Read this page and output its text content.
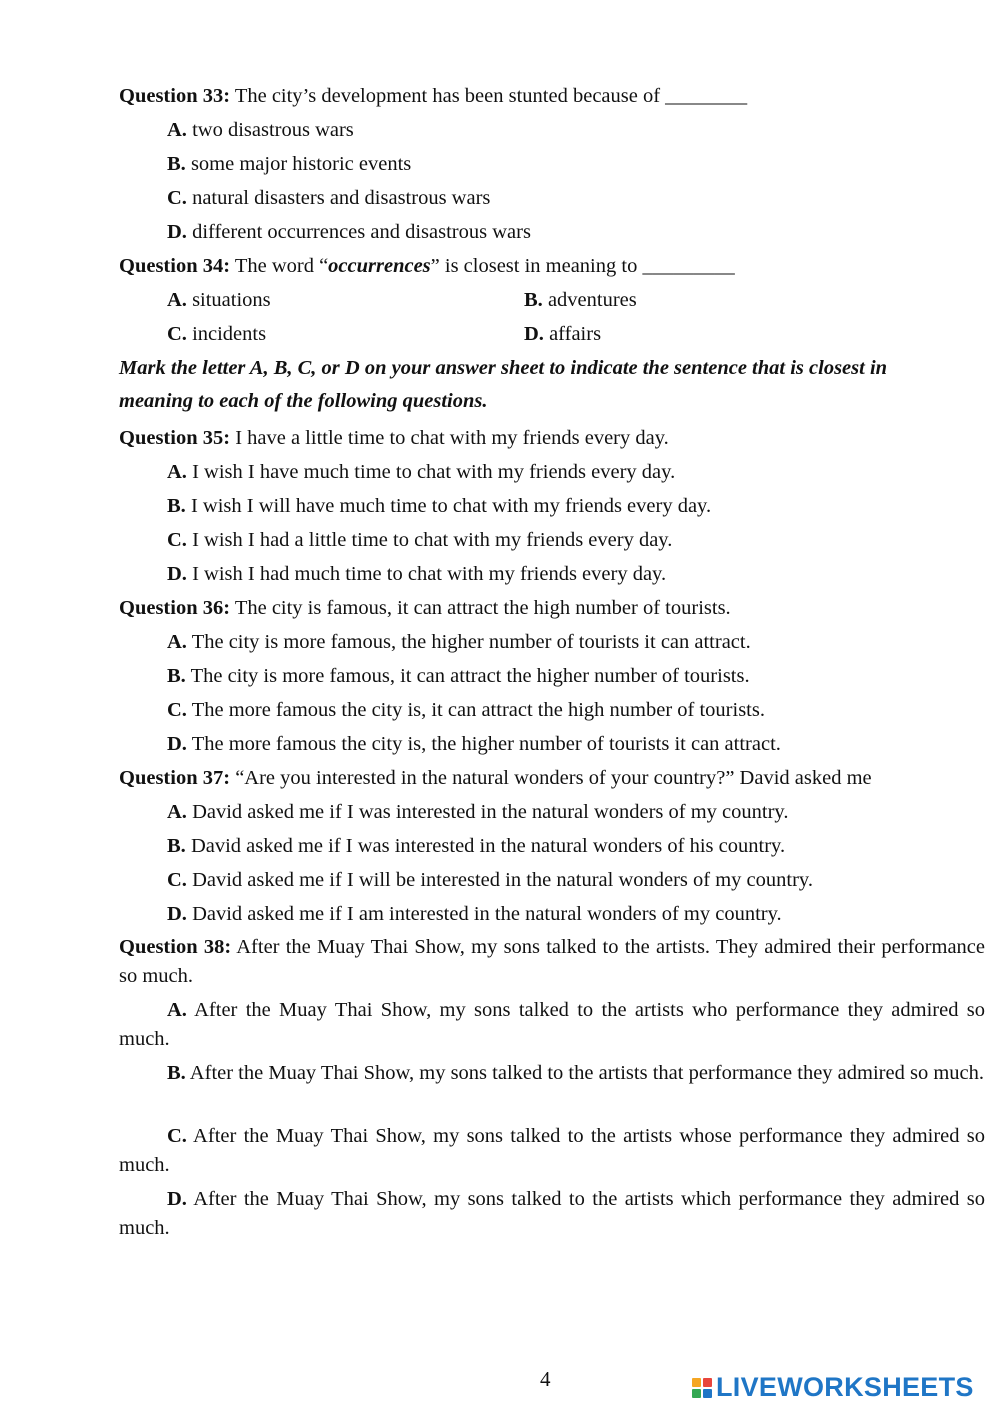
Question 33: The city’s development has been stunted because of ________
A. two disastrous wars
B. some major historic events
C. natural disasters and disastrous wars
D. different occurrences and disastrous wars
Question 34: The word “occurrences” is closest in meaning to _________
A. situations	B. adventures
C. incidents	D. affairs
Mark the letter A, B, C, or D on your answer sheet to indicate the sentence that is closest in
meaning to each of the following questions.
Question 35: I have a little time to chat with my friends every day.
A. I wish I have much time to chat with my friends every day.
B. I wish I will have much time to chat with my friends every day.
C. I wish I had a little time to chat with my friends every day.
D. I wish I had much time to chat with my friends every day.
Question 36: The city is famous, it can attract the high number of tourists.
A. The city is more famous, the higher number of tourists it can attract.
B. The city is more famous, it can attract the higher number of tourists.
C. The more famous the city is, it can attract the high number of tourists.
D. The more famous the city is, the higher number of tourists it can attract.
Question 37: “Are you interested in the natural wonders of your country?” David asked me
A. David asked me if I was interested in the natural wonders of my country.
B. David asked me if I was interested in the natural wonders of his country.
C. David asked me if I will be interested in the natural wonders of my country.
D. David asked me if I am interested in the natural wonders of my country.
Question 38: After the Muay Thai Show, my sons talked to the artists. They admired their performance so much.
A. After the Muay Thai Show, my sons talked to the artists who performance they admired so much.
B. After the Muay Thai Show, my sons talked to the artists that performance they admired so much.
C. After the Muay Thai Show, my sons talked to the artists whose performance they admired so much.
D. After the Muay Thai Show, my sons talked to the artists which performance they admired so much.
4	LIVEWORKSHEETS
